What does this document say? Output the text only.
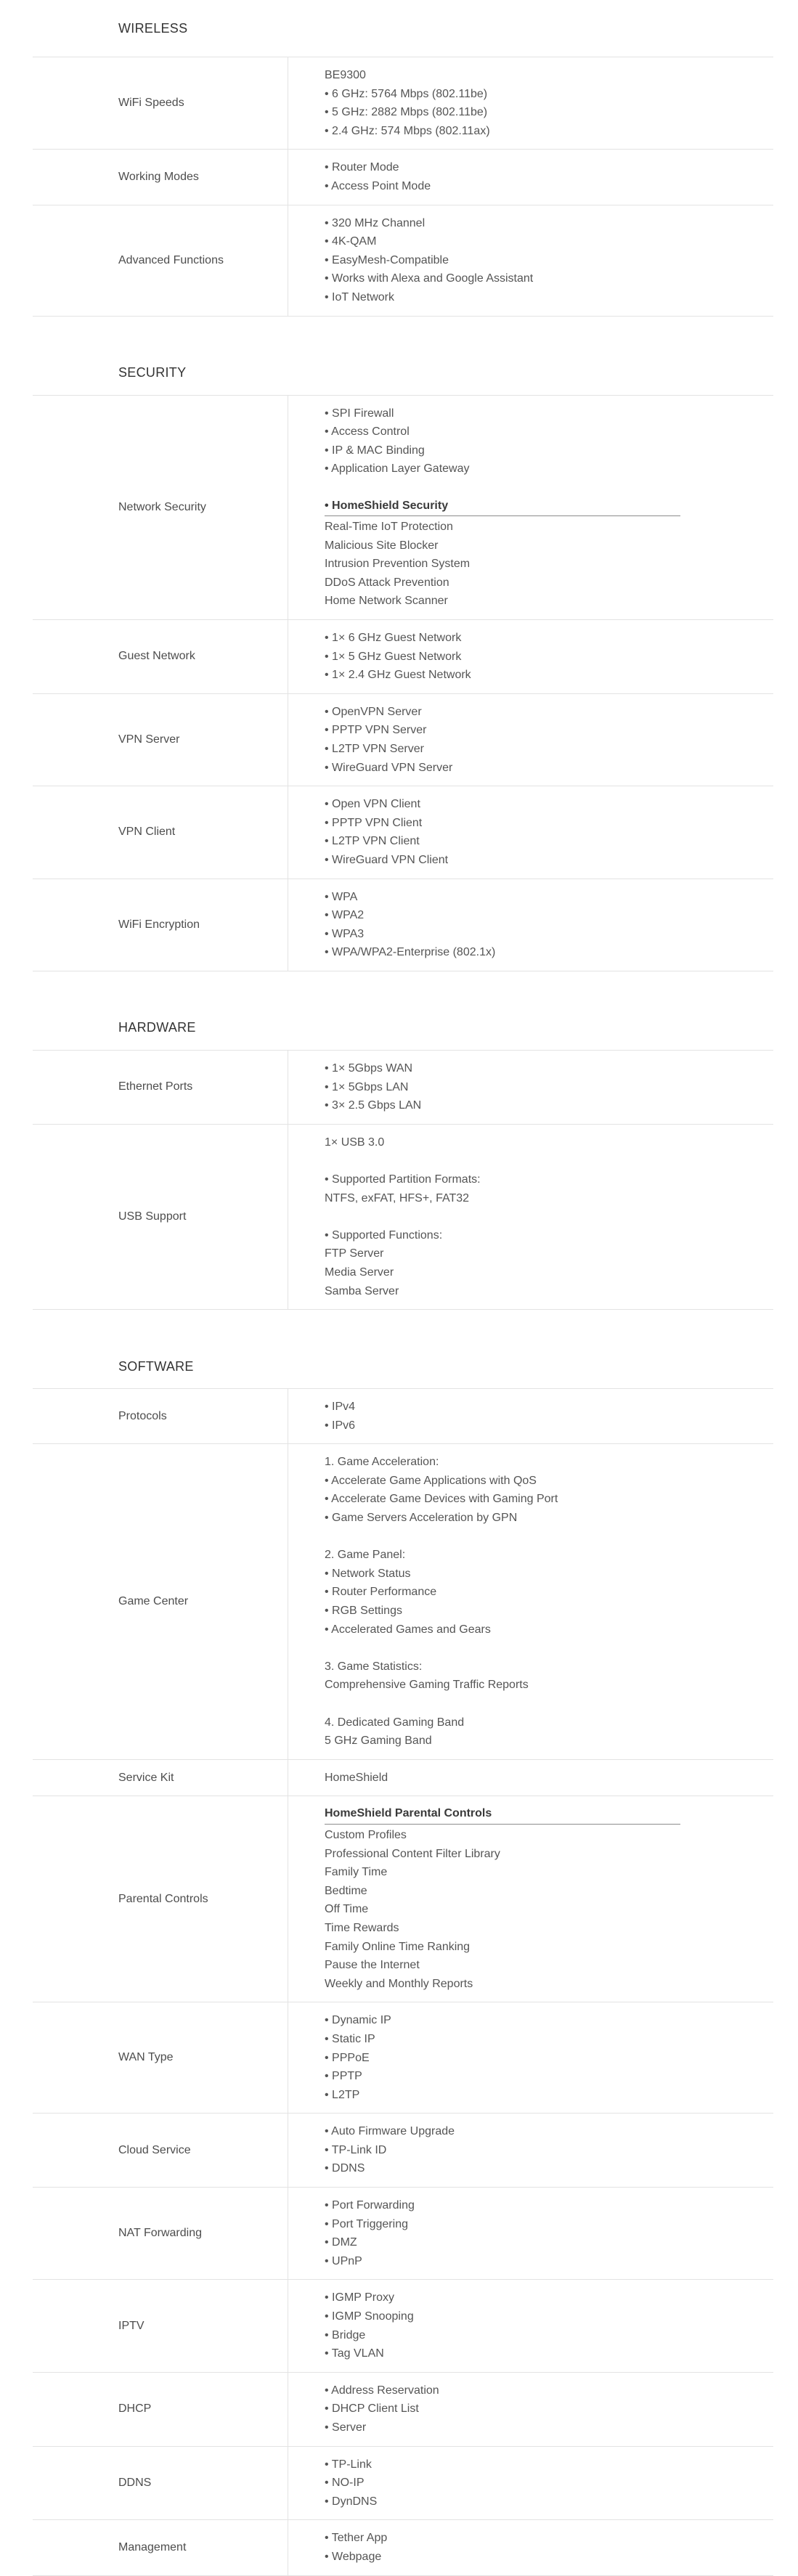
WIRELESS
WiFi Speeds
BE9300
• 6 GHz: 5764 Mbps (802.11be)
• 5 GHz: 2882 Mbps (802.11be)
• 2.4 GHz: 574 Mbps (802.11ax)
Working Modes
• Router Mode
• Access Point Mode
Advanced Functions
• 320 MHz Channel
• 4K-QAM
• EasyMesh-Compatible
• Works with Alexa and Google Assistant
• IoT Network
SECURITY
Network Security
• SPI Firewall
• Access Control
• IP & MAC Binding
• Application Layer Gateway
• HomeShield Security
Real-Time IoT Protection
Malicious Site Blocker
Intrusion Prevention System
DDoS Attack Prevention
Home Network Scanner
Guest Network
• 1× 6 GHz Guest Network
• 1× 5 GHz Guest Network
• 1× 2.4 GHz Guest Network
VPN Server
• OpenVPN Server
• PPTP VPN Server
• L2TP VPN Server
• WireGuard VPN Server
VPN Client
• Open VPN Client
• PPTP VPN Client
• L2TP VPN Client
• WireGuard VPN Client
WiFi Encryption
• WPA
• WPA2
• WPA3
• WPA/WPA2-Enterprise (802.1x)
HARDWARE
Ethernet Ports
• 1× 5Gbps WAN
• 1× 5Gbps LAN
• 3× 2.5 Gbps LAN
USB Support
1× USB 3.0
• Supported Partition Formats:
NTFS, exFAT, HFS+, FAT32
• Supported Functions:
FTP Server
Media Server
Samba Server
SOFTWARE
Protocols
• IPv4
• IPv6
Game Center
1. Game Acceleration:
• Accelerate Game Applications with QoS
• Accelerate Game Devices with Gaming Port
• Game Servers Acceleration by GPN
2. Game Panel:
• Network Status
• Router Performance
• RGB Settings
• Accelerated Games and Gears
3. Game Statistics:
Comprehensive Gaming Traffic Reports
4. Dedicated Gaming Band
5 GHz Gaming Band
Service Kit	HomeShield
Parental Controls
HomeShield Parental Controls
Custom Profiles
Professional Content Filter Library
Family Time
Bedtime
Off Time
Time Rewards
Family Online Time Ranking
Pause the Internet
Weekly and Monthly Reports
WAN Type
• Dynamic IP
• Static IP
• PPPoE
• PPTP
• L2TP
Cloud Service
• Auto Firmware Upgrade
• TP-Link ID
• DDNS
NAT Forwarding
• Port Forwarding
• Port Triggering
• DMZ
• UPnP
IPTV
• IGMP Proxy
• IGMP Snooping
• Bridge
• Tag VLAN
DHCP
• Address Reservation
• DHCP Client List
• Server
DDNS
• TP-Link
• NO-IP
• DynDNS
Management
• Tether App
• Webpage
